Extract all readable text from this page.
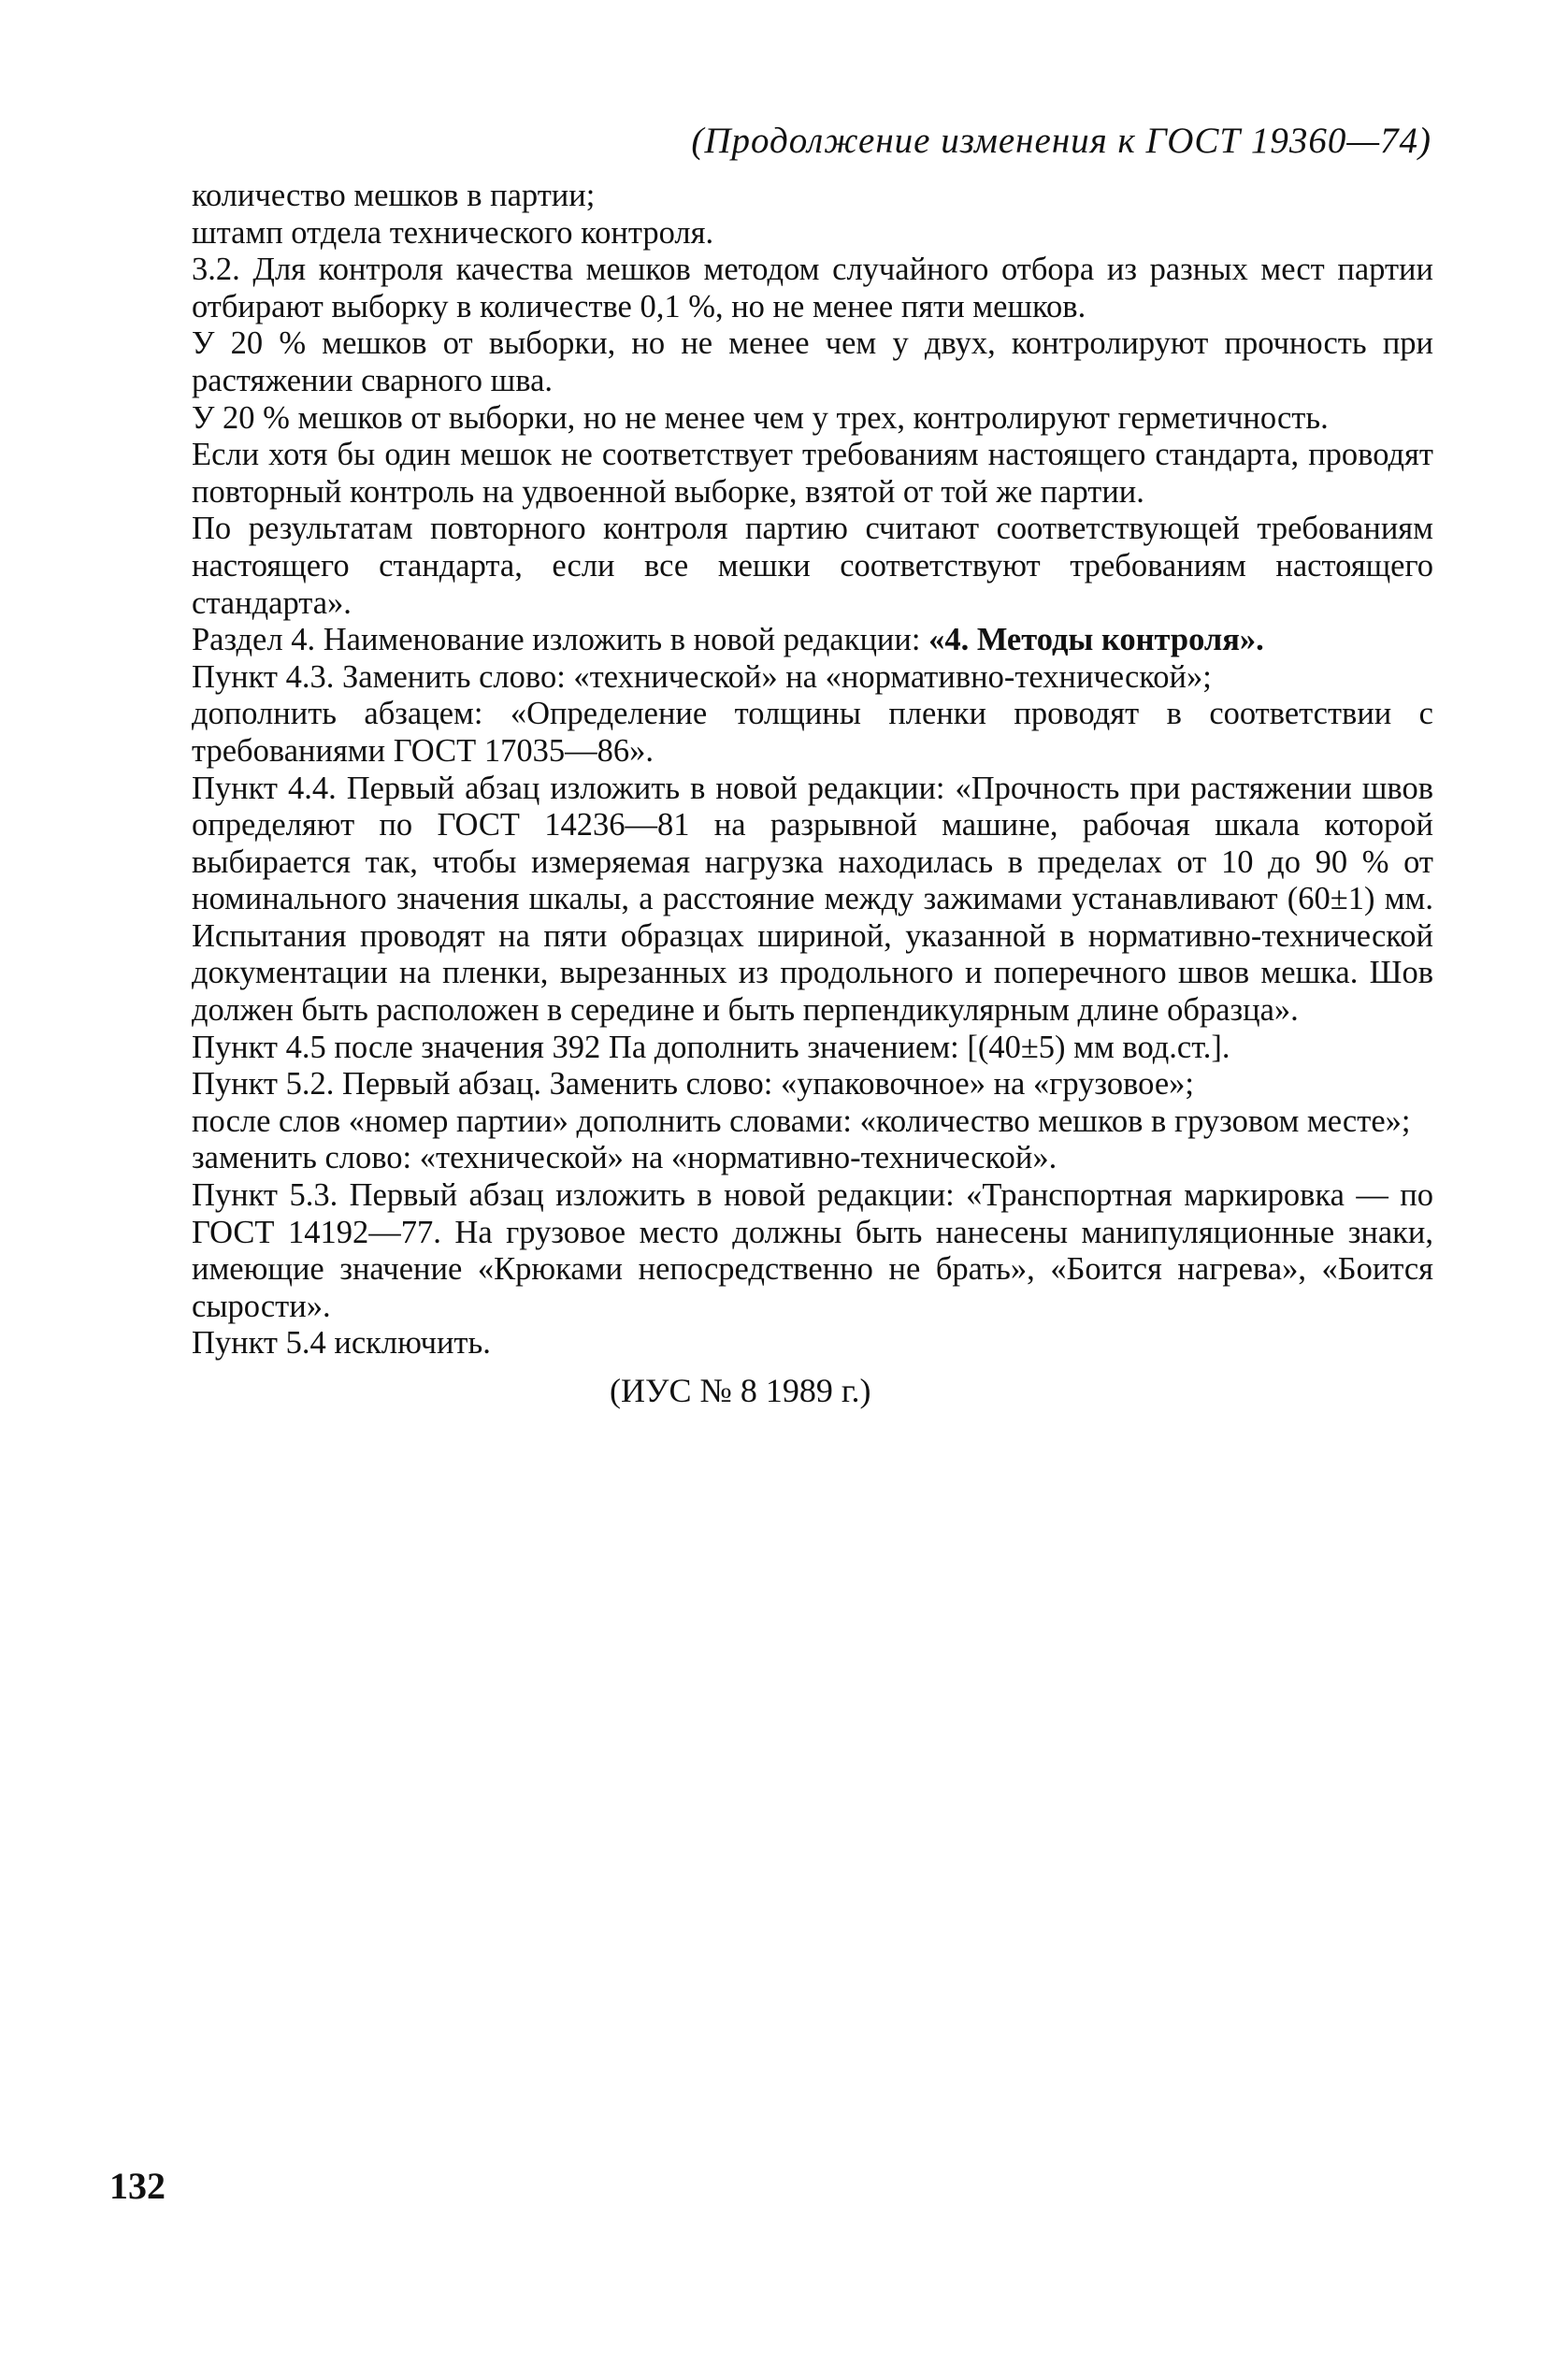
(Продолжение изменения к ГОСТ 19360—74)

количество мешков в партии;

штамп отдела технического контроля.

3.2. Для контроля качества мешков методом случайного отбора из разных мест партии отбирают выборку в количестве 0,1 %, но не менее пяти мешков.

У 20 % мешков от выборки, но не менее чем у двух, контролируют прочность при растяжении сварного шва.

У 20 % мешков от выборки, но не менее чем у трех, контролируют герметичность.

Если хотя бы один мешок не соответствует требованиям настоящего стандарта, проводят повторный контроль на удвоенной выборке, взятой от той же партии.

По результатам повторного контроля партию считают соответствующей требованиям настоящего стандарта, если все мешки соответствуют требованиям настоящего стандарта».

Раздел 4. Наименование изложить в новой редакции: «4. Методы контроля».

Пункт 4.3. Заменить слово: «технической» на «нормативно-технической»;

дополнить абзацем: «Определение толщины пленки проводят в соответствии с требованиями ГОСТ 17035—86».

Пункт 4.4. Первый абзац изложить в новой редакции: «Прочность при растяжении швов определяют по ГОСТ 14236—81 на разрывной машине, рабочая шкала которой выбирается так, чтобы измеряемая нагрузка находилась в пределах от 10 до 90 % от номинального значения шкалы, а расстояние между зажимами устанавливают (60±1) мм. Испытания проводят на пяти образцах шириной, указанной в нормативно-технической документации на пленки, вырезанных из продольного и поперечного швов мешка. Шов должен быть расположен в середине и быть перпендикулярным длине образца».

Пункт 4.5 после значения 392 Па дополнить значением: [(40±5) мм вод.ст.].

Пункт 5.2. Первый абзац. Заменить слово: «упаковочное» на «грузовое»;

после слов «номер партии» дополнить словами: «количество мешков в грузовом месте»;

заменить слово: «технической» на «нормативно-технической».

Пункт 5.3. Первый абзац изложить в новой редакции: «Транспортная маркировка — по ГОСТ 14192—77. На грузовое место должны быть нанесены манипуляционные знаки, имеющие значение «Крюками непосредственно не брать», «Боится нагрева», «Боится сырости».

Пункт 5.4 исключить.

(ИУС № 8 1989 г.)
132
